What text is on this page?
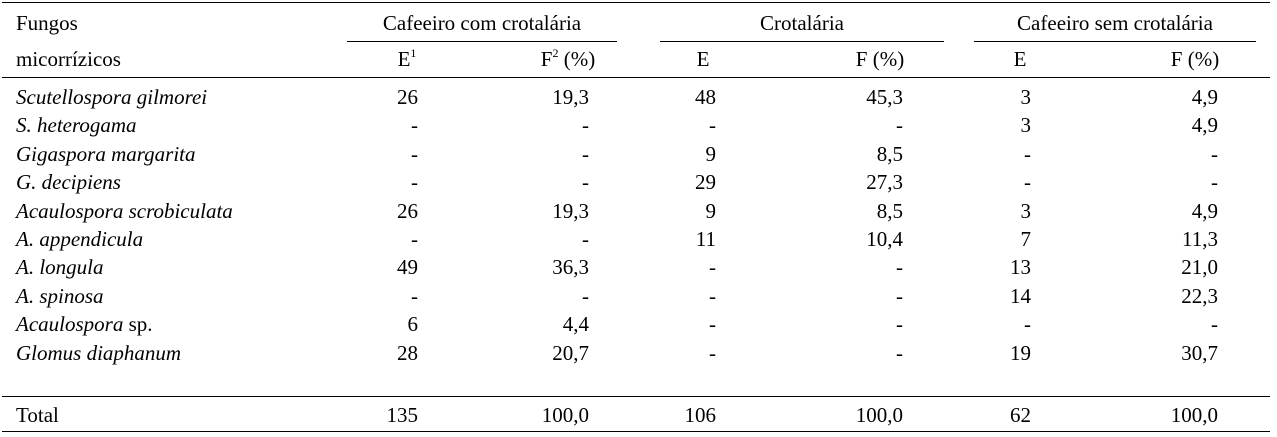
Fungos
micorrízicos
Cafeeiro com crotalária	Crotalária	Cafeeiro sem crotalária
$E^1$	$F^2$ (%)	E	F (%)	E	F (%)
Scutellospora gilmorei	26	19,3	48	45,3	3	4,9
S. heterogama	-	-	-	-	3	4,9
Gigaspora margarita	-	-	9	8,5	-	-
G. decipiens	-	-	29	27,3	-	-
Acaulospora scrobiculata	26	19,3	9	8,5	3	4,9
A. appendicula	-	-	11	10,4	7	11,3
A. longula	49	36,3	-	-	13	21,0
A. spinosa	-	-	-	-	14	22,3
Acaulospora sp.	6	4,4	-	-	-	-
Glomus diaphanum	28	20,7	-	-	19	30,7
Total	135	100,0	106	100,0	62	100,0
